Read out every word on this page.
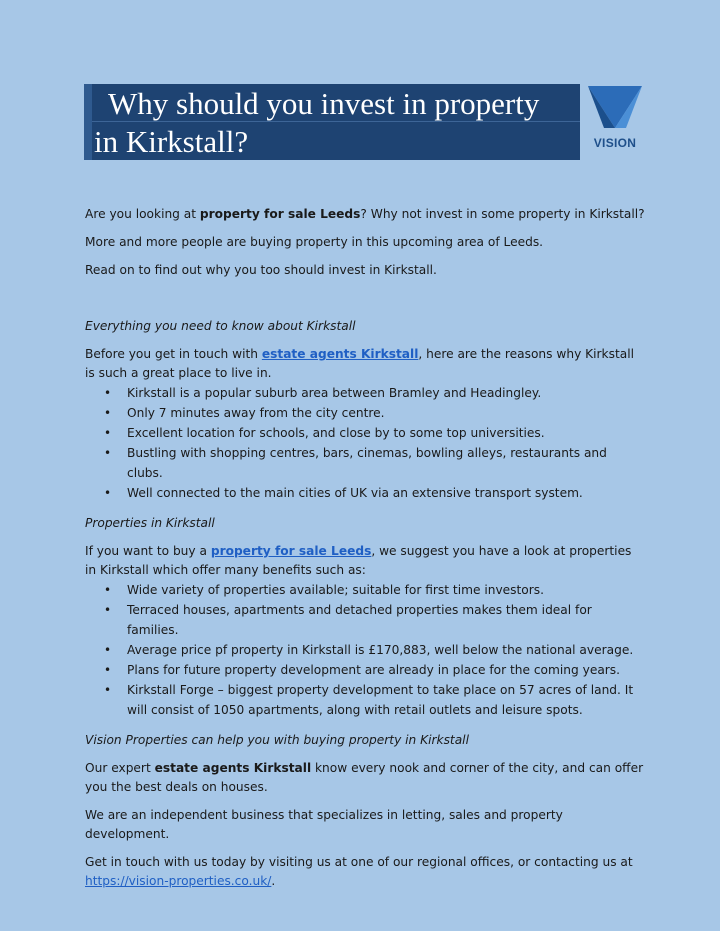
Why should you invest in property
in Kirkstall?	VISION

Are you looking at property for sale Leeds? Why not invest in some property in Kirkstall?

More and more people are buying property in this upcoming area of Leeds.

Read on to find out why you too should invest in Kirkstall.

Everything you need to know about Kirkstall

Before you get in touch with estate agents Kirkstall, here are the reasons why Kirkstall is such a great place to live in.

• Kirkstall is a popular suburb area between Bramley and Headingley.
• Only 7 minutes away from the city centre.
• Excellent location for schools, and close by to some top universities.
• Bustling with shopping centres, bars, cinemas, bowling alleys, restaurants and clubs.
• Well connected to the main cities of UK via an extensive transport system.

Properties in Kirkstall

If you want to buy a property for sale Leeds, we suggest you have a look at properties in Kirkstall which offer many benefits such as:

• Wide variety of properties available; suitable for first time investors.
• Terraced houses, apartments and detached properties makes them ideal for families.
• Average price pf property in Kirkstall is £170,883, well below the national average.
• Plans for future property development are already in place for the coming years.
• Kirkstall Forge – biggest property development to take place on 57 acres of land. It will consist of 1050 apartments, along with retail outlets and leisure spots.

Vision Properties can help you with buying property in Kirkstall

Our expert estate agents Kirkstall know every nook and corner of the city, and can offer you the best deals on houses.

We are an independent business that specializes in letting, sales and property development.

Get in touch with us today by visiting us at one of our regional offices, or contacting us at https://vision-properties.co.uk/.
